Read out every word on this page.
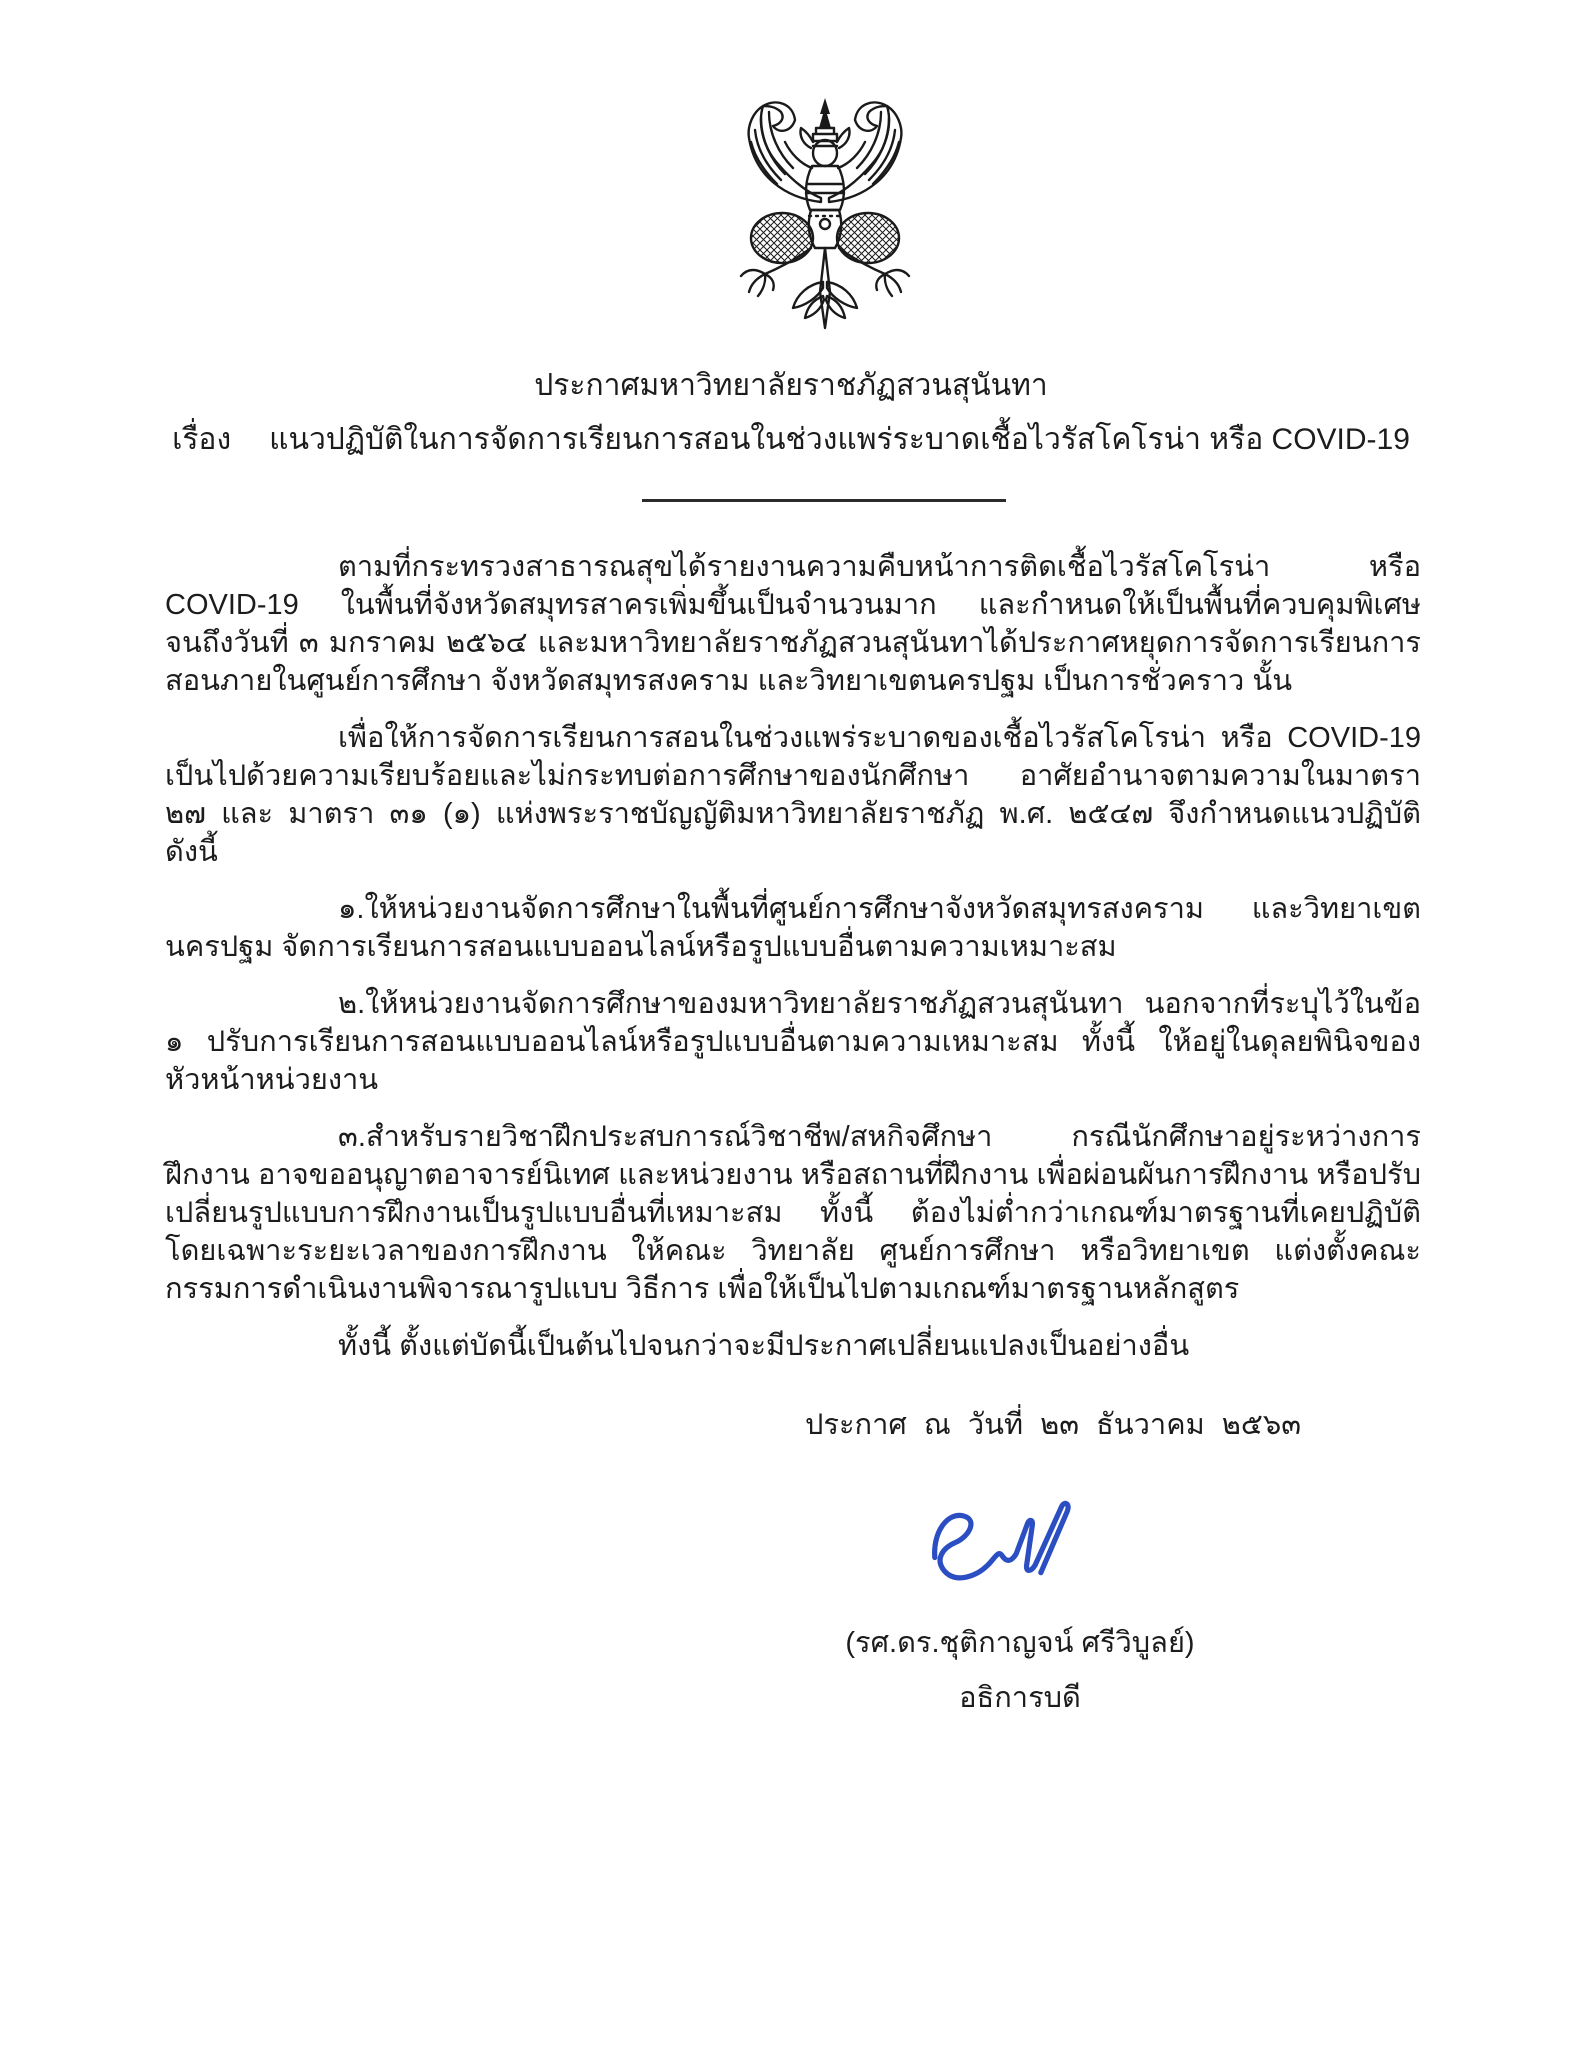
ประกาศมหาวิทยาลัยราชภัฏสวนสุนันทา
เรื่อง แนวปฏิบัติในการจัดการเรียนการสอนในช่วงแพร่ระบาดเชื้อไวรัสโคโรน่า หรือ COVID-19

ตามที่กระทรวงสาธารณสุขได้รายงานความคืบหน้าการติดเชื้อไวรัสโคโรน่า หรือ COVID-19 ในพื้นที่จังหวัดสมุทรสาครเพิ่มขึ้นเป็นจำนวนมาก และกำหนดให้เป็นพื้นที่ควบคุมพิเศษจนถึงวันที่ ๓ มกราคม ๒๕๖๔ และมหาวิทยาลัยราชภัฏสวนสุนันทาได้ประกาศหยุดการจัดการเรียนการสอนภายในศูนย์การศึกษา จังหวัดสมุทรสงคราม และวิทยาเขตนครปฐม เป็นการชั่วคราว นั้น

เพื่อให้การจัดการเรียนการสอนในช่วงแพร่ระบาดของเชื้อไวรัสโคโรน่า หรือ COVID-19 เป็นไปด้วยความเรียบร้อยและไม่กระทบต่อการศึกษาของนักศึกษา อาศัยอำนาจตามความในมาตรา ๒๗ และ มาตรา ๓๑ (๑) แห่งพระราชบัญญัติมหาวิทยาลัยราชภัฏ พ.ศ. ๒๕๔๗ จึงกำหนดแนวปฏิบัติ ดังนี้

๑.ให้หน่วยงานจัดการศึกษาในพื้นที่ศูนย์การศึกษาจังหวัดสมุทรสงคราม และวิทยาเขตนครปฐม จัดการเรียนการสอนแบบออนไลน์หรือรูปแบบอื่นตามความเหมาะสม

๒.ให้หน่วยงานจัดการศึกษาของมหาวิทยาลัยราชภัฏสวนสุนันทา นอกจากที่ระบุไว้ในข้อ ๑ ปรับการเรียนการสอนแบบออนไลน์หรือรูปแบบอื่นตามความเหมาะสม ทั้งนี้ ให้อยู่ในดุลยพินิจของหัวหน้าหน่วยงาน

๓.สำหรับรายวิชาฝึกประสบการณ์วิชาชีพ/สหกิจศึกษา กรณีนักศึกษาอยู่ระหว่างการฝึกงาน อาจขออนุญาตอาจารย์นิเทศ และหน่วยงาน หรือสถานที่ฝึกงาน เพื่อผ่อนผันการฝึกงาน หรือปรับเปลี่ยนรูปแบบการฝึกงานเป็นรูปแบบอื่นที่เหมาะสม ทั้งนี้ ต้องไม่ต่ำกว่าเกณฑ์มาตรฐานที่เคยปฏิบัติ โดยเฉพาะระยะเวลาของการฝึกงาน ให้คณะ วิทยาลัย ศูนย์การศึกษา หรือวิทยาเขต แต่งตั้งคณะกรรมการดำเนินงานพิจารณารูปแบบ วิธีการ เพื่อให้เป็นไปตามเกณฑ์มาตรฐานหลักสูตร

ทั้งนี้ ตั้งแต่บัดนี้เป็นต้นไปจนกว่าจะมีประกาศเปลี่ยนแปลงเป็นอย่างอื่น

ประกาศ ณ วันที่ ๒๓ ธันวาคม ๒๕๖๓
(รศ.ดร.ชุติกาญจน์ ศรีวิบูลย์)
อธิการบดี
